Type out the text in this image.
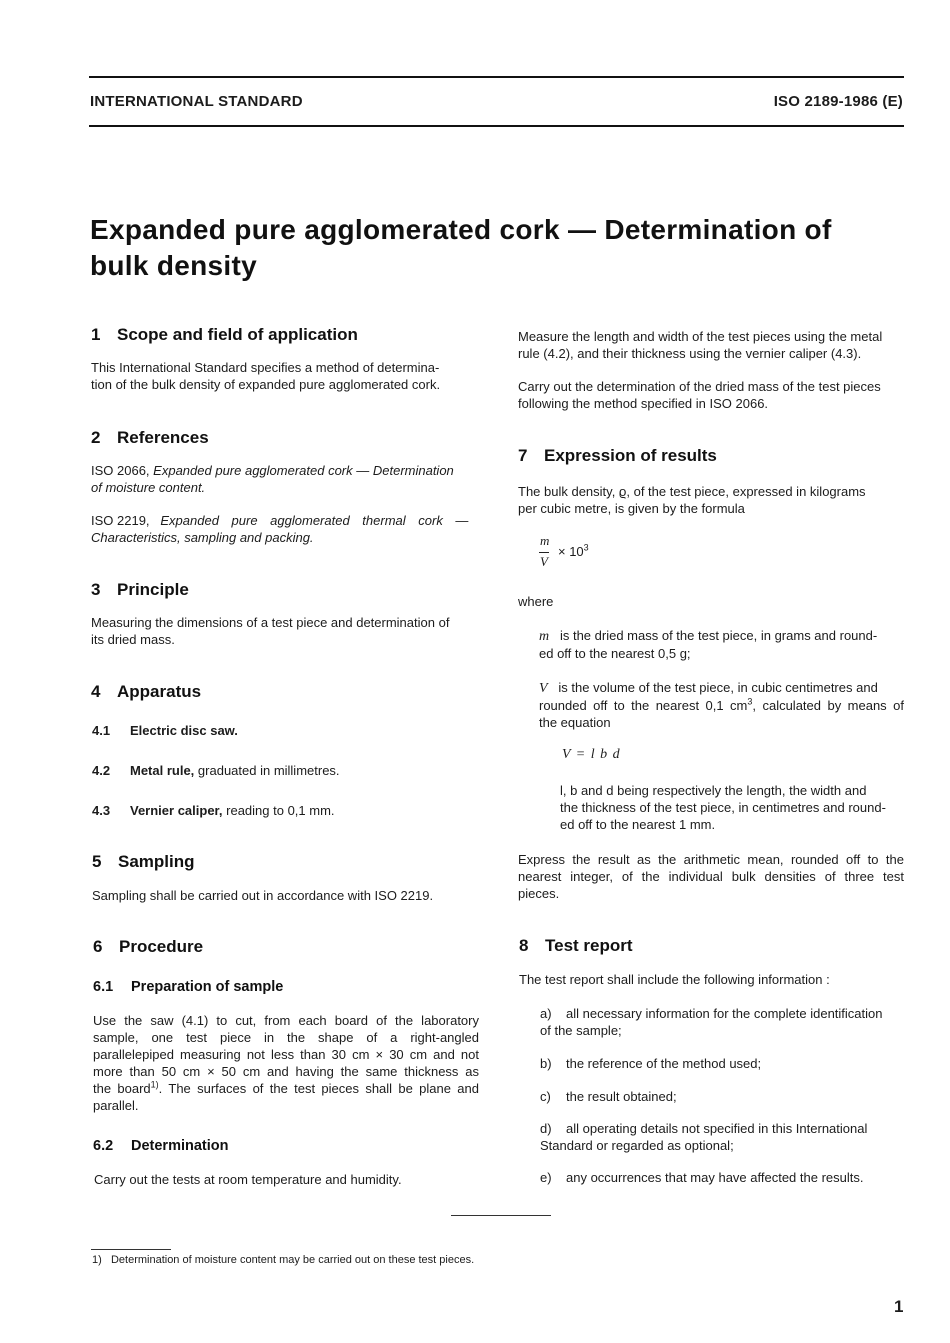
INTERNATIONAL STANDARD	ISO 2189-1986 (E)
Expanded pure agglomerated cork — Determination of
bulk density
1 Scope and field of application
This International Standard specifies a method of determina-
tion of the bulk density of expanded pure agglomerated cork.
2 References
ISO 2066, Expanded pure agglomerated cork — Determination
of moisture content.
ISO 2219, Expanded pure agglomerated thermal cork —
Characteristics, sampling and packing.
3 Principle
Measuring the dimensions of a test piece and determination of
its dried mass.
4 Apparatus
4.1 Electric disc saw.
4.2 Metal rule, graduated in millimetres.
4.3 Vernier caliper, reading to 0,1 mm.
5 Sampling
Sampling shall be carried out in accordance with ISO 2219.
6 Procedure
6.1 Preparation of sample
Use the saw (4.1) to cut, from each board of the laboratory
sample, one test piece in the shape of a right-angled
parallelepiped measuring not less than 30 cm × 30 cm and not
more than 50 cm × 50 cm and having the same thickness as
the board$^{1)}$. The surfaces of the test pieces shall be plane and
parallel.
6.2 Determination
Carry out the tests at room temperature and humidity.
Measure the length and width of the test pieces using the metal
rule (4.2), and their thickness using the vernier caliper (4.3).
Carry out the determination of the dried mass of the test pieces
following the method specified in ISO 2066.
7 Expression of results
The bulk density, ϱ, of the test piece, expressed in kilograms
per cubic metre, is given by the formula
m
V
× $10^3$
where
m is the dried mass of the test piece, in grams and round-
ed off to the nearest 0,5 g;
V is the volume of the test piece, in cubic centimetres and
rounded off to the nearest 0,1 $cm^3$, calculated by means of
the equation
V = l b d
l, b and d being respectively the length, the width and
the thickness of the test piece, in centimetres and round-
ed off to the nearest 1 mm.
Express the result as the arithmetic mean, rounded off to the
nearest integer, of the individual bulk densities of three test
pieces.
8 Test report
The test report shall include the following information :
a) all necessary information for the complete identification
of the sample;
b) the reference of the method used;
c) the result obtained;
d) all operating details not specified in this International
Standard or regarded as optional;
e) any occurrences that may have affected the results.
1) Determination of moisture content may be carried out on these test pieces.
1
